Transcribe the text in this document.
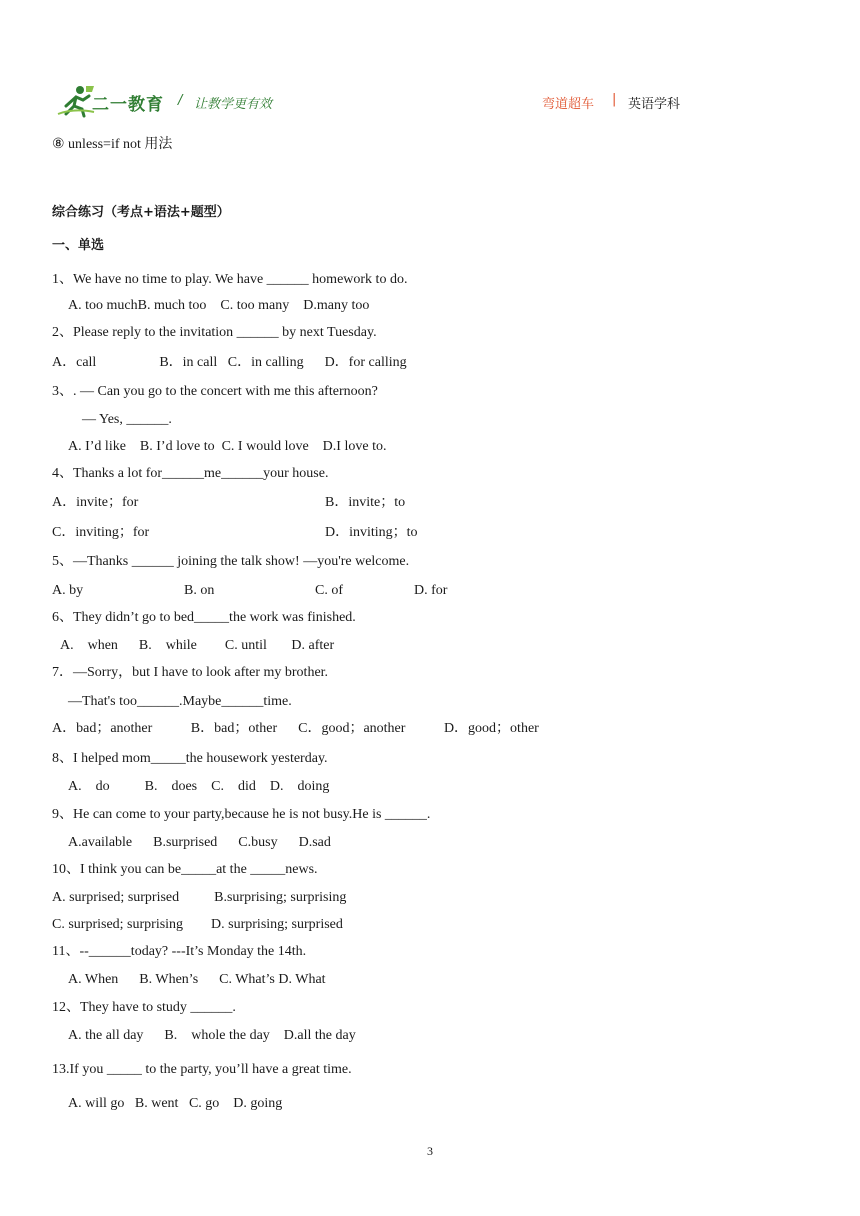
二一教育 / 让教学更有效	弯道超车 | 英语学科
⑧ unless=if not 用法
综合练习（考点+语法+题型）
一、单选
1、We have no time to play. We have ______ homework to do.
A. too muchB. much too    C. too many    D.many too
2、Please reply to the invitation ______ by next Tuesday.
A．call                  B．in call   C．in calling      D．for calling
3、. — Can you go to the concert with me this afternoon?
— Yes, ______.
A. I’d like    B. I’d love to  C. I would love    D.I love to.
4、Thanks a lot for______me______your house.
A．invite；for	B．invite；to
C．inviting；for	D．inviting；to
5、—Thanks ______ joining the talk show! —you're welcome.
A. by	B. on	C. of	D. for
6、They didn’t go to bed_____the work was finished.
A.    when      B.    while        C. until       D. after
7．—Sorry，but I have to look after my brother.
—That's too______.Maybe______time.
A．bad；another           B．bad；other      C．good；another           D．good；other
8、I helped mom_____the housework yesterday.
A.    do          B.    does    C.    did    D.    doing
9、He can come to your party,because he is not busy.He is ______.
A.available      B.surprised      C.busy      D.sad
10、I think you can be_____at the _____news.
A. surprised; surprised          B.surprising; surprising
C. surprised; surprising        D. surprising; surprised
11、--______today? ---It’s Monday the 14th.
A. When      B. When’s      C. What’s D. What
12、They have to study ______.
A. the all day      B.    whole the day    D.all the day
13.If you _____ to the party, you’ll have a great time.
A. will go   B. went   C. go    D. going
3
